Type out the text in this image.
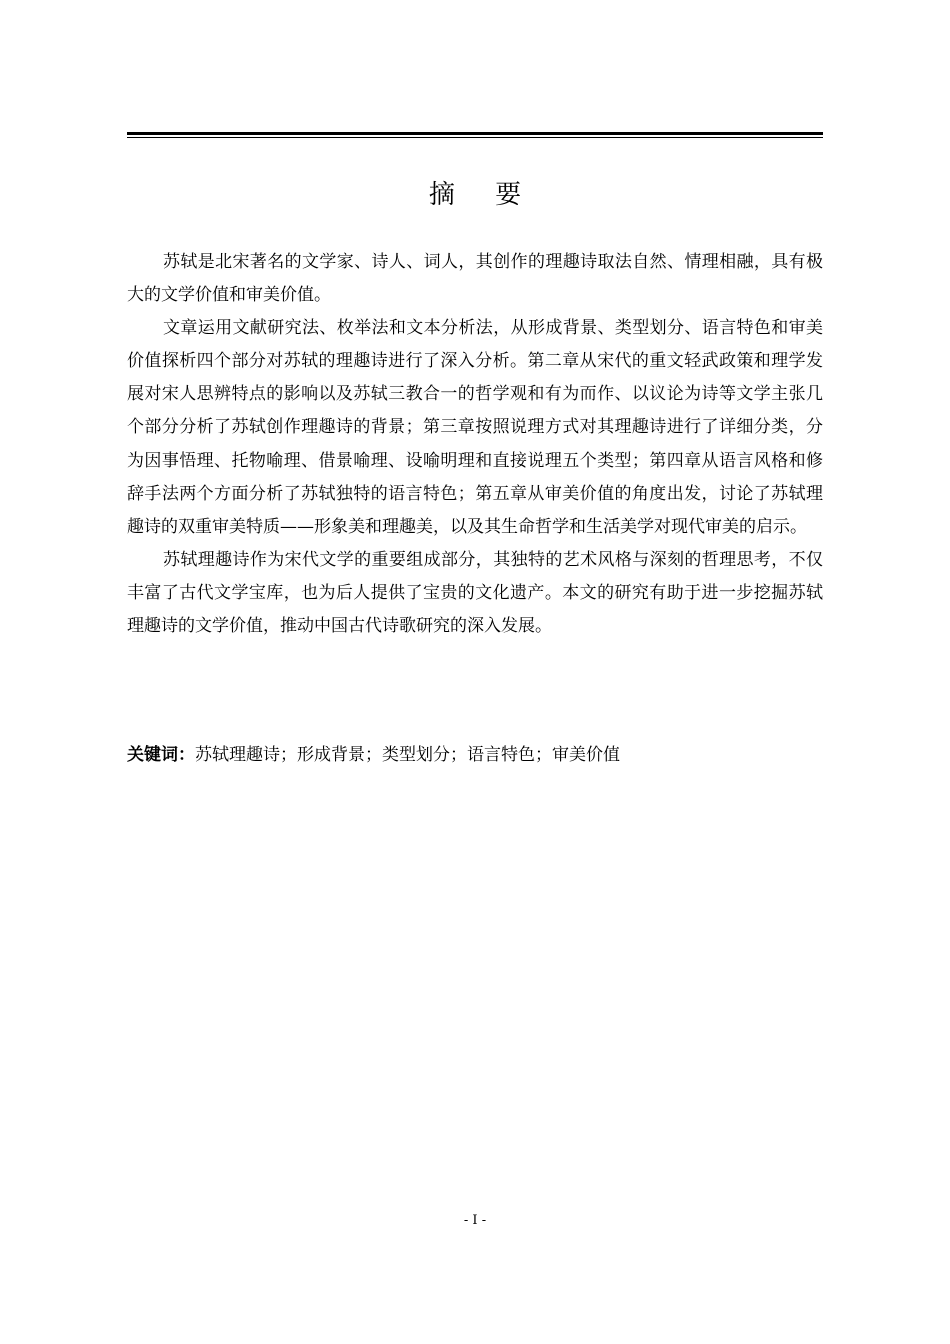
摘 要

苏轼是北宋著名的文学家、诗人、词人，其创作的理趣诗取法自然、情理相融，具有极大的文学价值和审美价值。

文章运用文献研究法、枚举法和文本分析法，从形成背景、类型划分、语言特色和审美价值探析四个部分对苏轼的理趣诗进行了深入分析。第二章从宋代的重文轻武政策和理学发展对宋人思辨特点的影响以及苏轼三教合一的哲学观和有为而作、以议论为诗等文学主张几个部分分析了苏轼创作理趣诗的背景；第三章按照说理方式对其理趣诗进行了详细分类，分为因事悟理、托物喻理、借景喻理、设喻明理和直接说理五个类型；第四章从语言风格和修辞手法两个方面分析了苏轼独特的语言特色；第五章从审美价值的角度出发，讨论了苏轼理趣诗的双重审美特质——形象美和理趣美，以及其生命哲学和生活美学对现代审美的启示。

苏轼理趣诗作为宋代文学的重要组成部分，其独特的艺术风格与深刻的哲理思考，不仅丰富了古代文学宝库，也为后人提供了宝贵的文化遗产。本文的研究有助于进一步挖掘苏轼理趣诗的文学价值，推动中国古代诗歌研究的深入发展。

关键词：苏轼理趣诗；形成背景；类型划分；语言特色；审美价值
- I -
